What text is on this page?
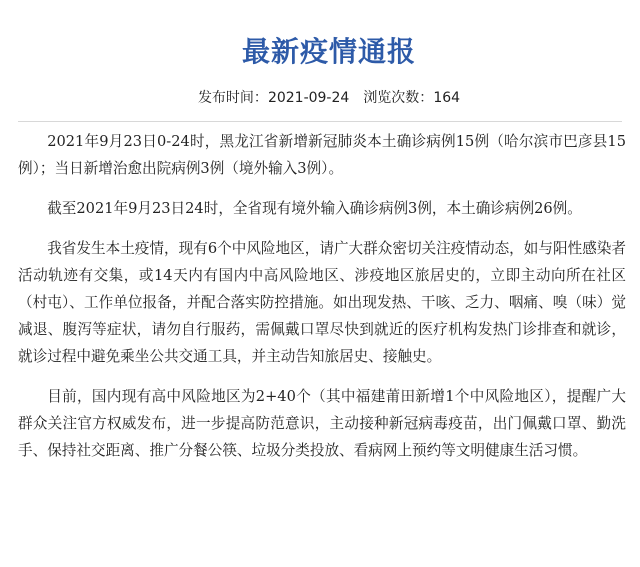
最新疫情通报
发布时间：2021-09-24 浏览次数：164

2021年9月23日0-24时，黑龙江省新增新冠肺炎本土确诊病例15例（哈尔滨市巴彦县15例）；当日新增治愈出院病例3例（境外输入3例）。

截至2021年9月23日24时，全省现有境外输入确诊病例3例，本土确诊病例26例。

我省发生本土疫情，现有6个中风险地区，请广大群众密切关注疫情动态，如与阳性感染者活动轨迹有交集，或14天内有国内中高风险地区、涉疫地区旅居史的，立即主动向所在社区（村屯）、工作单位报备，并配合落实防控措施。如出现发热、干咳、乏力、咽痛、嗅（味）觉减退、腹泻等症状，请勿自行服药，需佩戴口罩尽快到就近的医疗机构发热门诊排查和就诊，就诊过程中避免乘坐公共交通工具，并主动告知旅居史、接触史。

目前，国内现有高中风险地区为2+40个（其中福建莆田新增1个中风险地区），提醒广大群众关注官方权威发布，进一步提高防范意识，主动接种新冠病毒疫苗，出门佩戴口罩、勤洗手、保持社交距离、推广分餐公筷、垃圾分类投放、看病网上预约等文明健康生活习惯。
